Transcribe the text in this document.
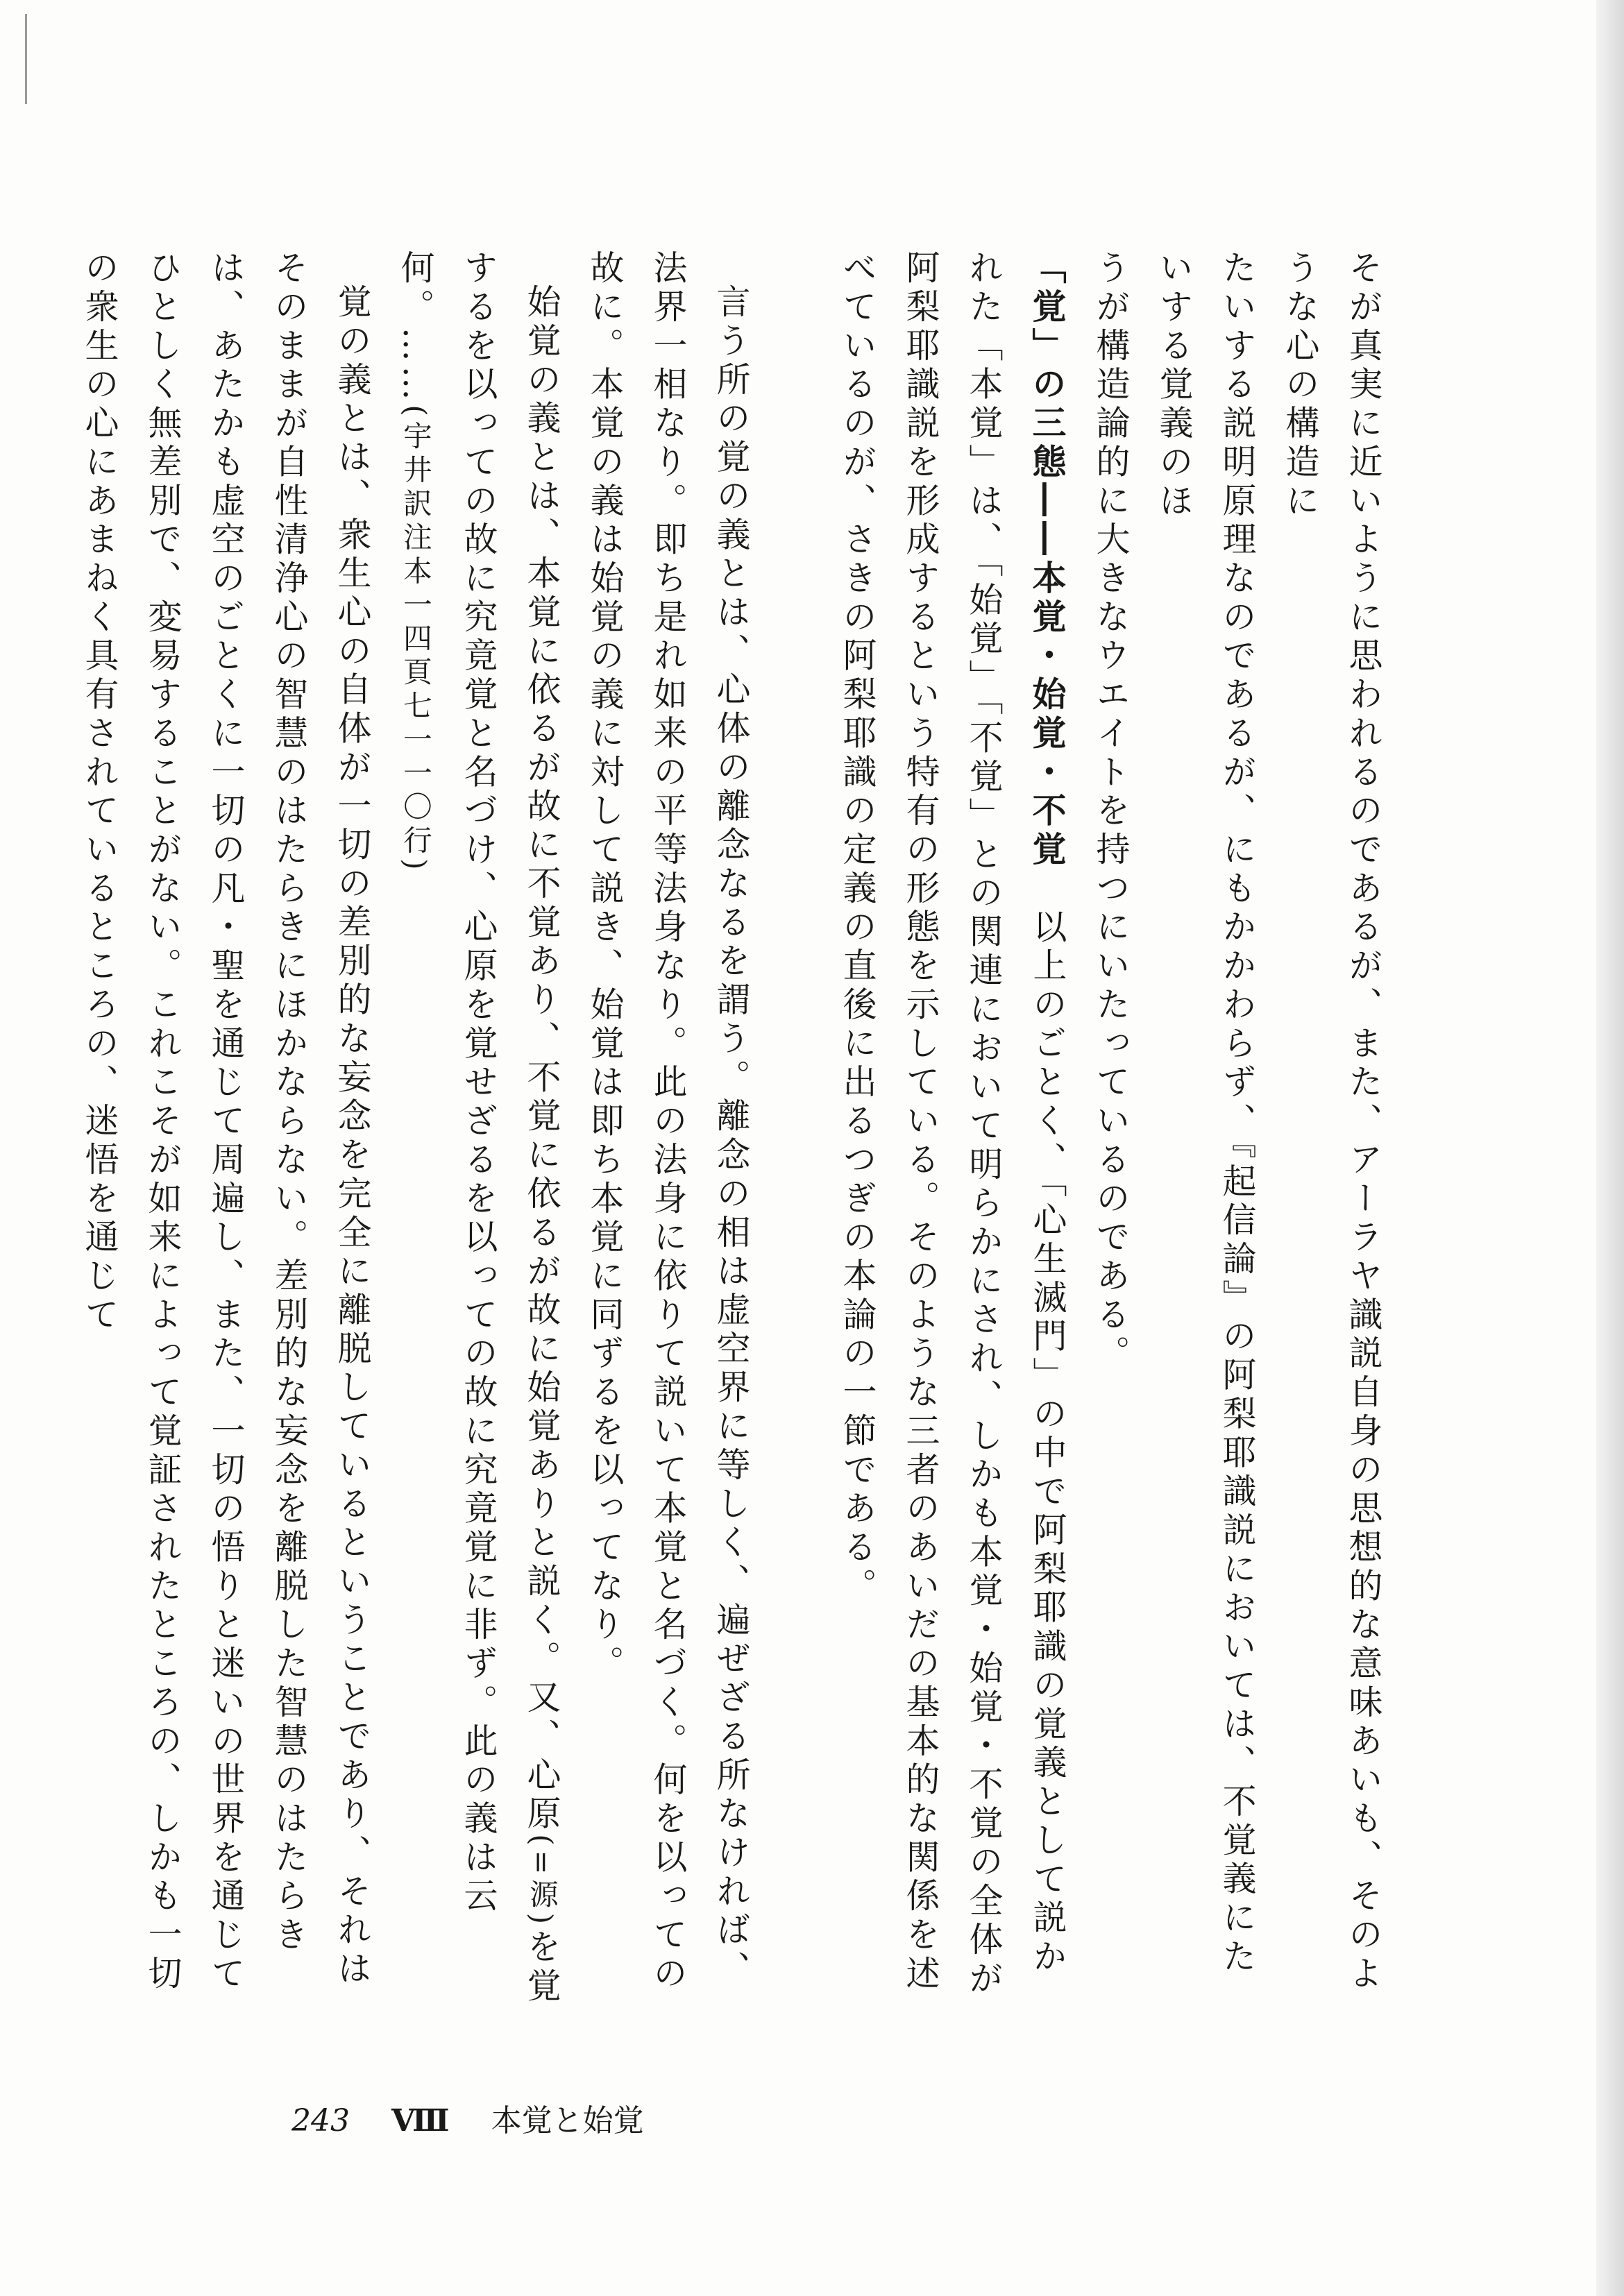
そが真実に近いように思われるのであるが、また、アーラヤ識説自身の思想的な意味あいも、そのような心の構造に

たいする説明原理なのであるが、にもかかわらず、『起信論』の阿梨耶識説においては、不覚義にたいする覚義のほ

うが構造論的に大きなウエイトを持つにいたっているのである。

「覚」の三態――本覚・始覚・不覚　以上のごとく、「心生滅門」の中で阿梨耶識の覚義として説かれた「本覚」は、「始覚」「不覚」との関連において明らかにされ、しかも本覚・始覚・不覚の全体が阿梨耶識説を形成するという特有の形態を示している。そのような三者のあいだの基本的な関係を述べているのが、さきの阿梨耶識の定義の直後に出るつぎの本論の一節である。

言う所の覚の義とは、心体の離念なるを謂う。離念の相は虚空界に等しく、遍ぜざる所なければ、法界一相なり。即ち是れ如来の平等法身なり。此の法身に依りて説いて本覚と名づく。何を以っての故に。本覚の義は始覚の義に対して説き、始覚は即ち本覚に同ずるを以ってなり。

始覚の義とは、本覚に依るが故に不覚あり、不覚に依るが故に始覚ありと説く。又、心原(=源)を覚するを以っての故に究竟覚と名づけ、心原を覚せざるを以っての故に究竟覚に非ず。此の義は云何。……(宇井訳注本一四頁七一一〇行)

覚の義とは、衆生心の自体が一切の差別的な妄念を完全に離脱しているということであり、それはそのままが自性清浄心の智慧のはたらきにほかならない。差別的な妄念を離脱した智慧のはたらきは、あたかも虚空のごとくに一切の凡・聖を通じて周遍し、また、一切の悟りと迷いの世界を通じてひとしく無差別で、変易することがない。これこそが如来によって覚証されたところの、しかも一切の衆生の心にあまねく具有されているところの、迷悟を通じて

243 Ⅷ 本覚と始覚
